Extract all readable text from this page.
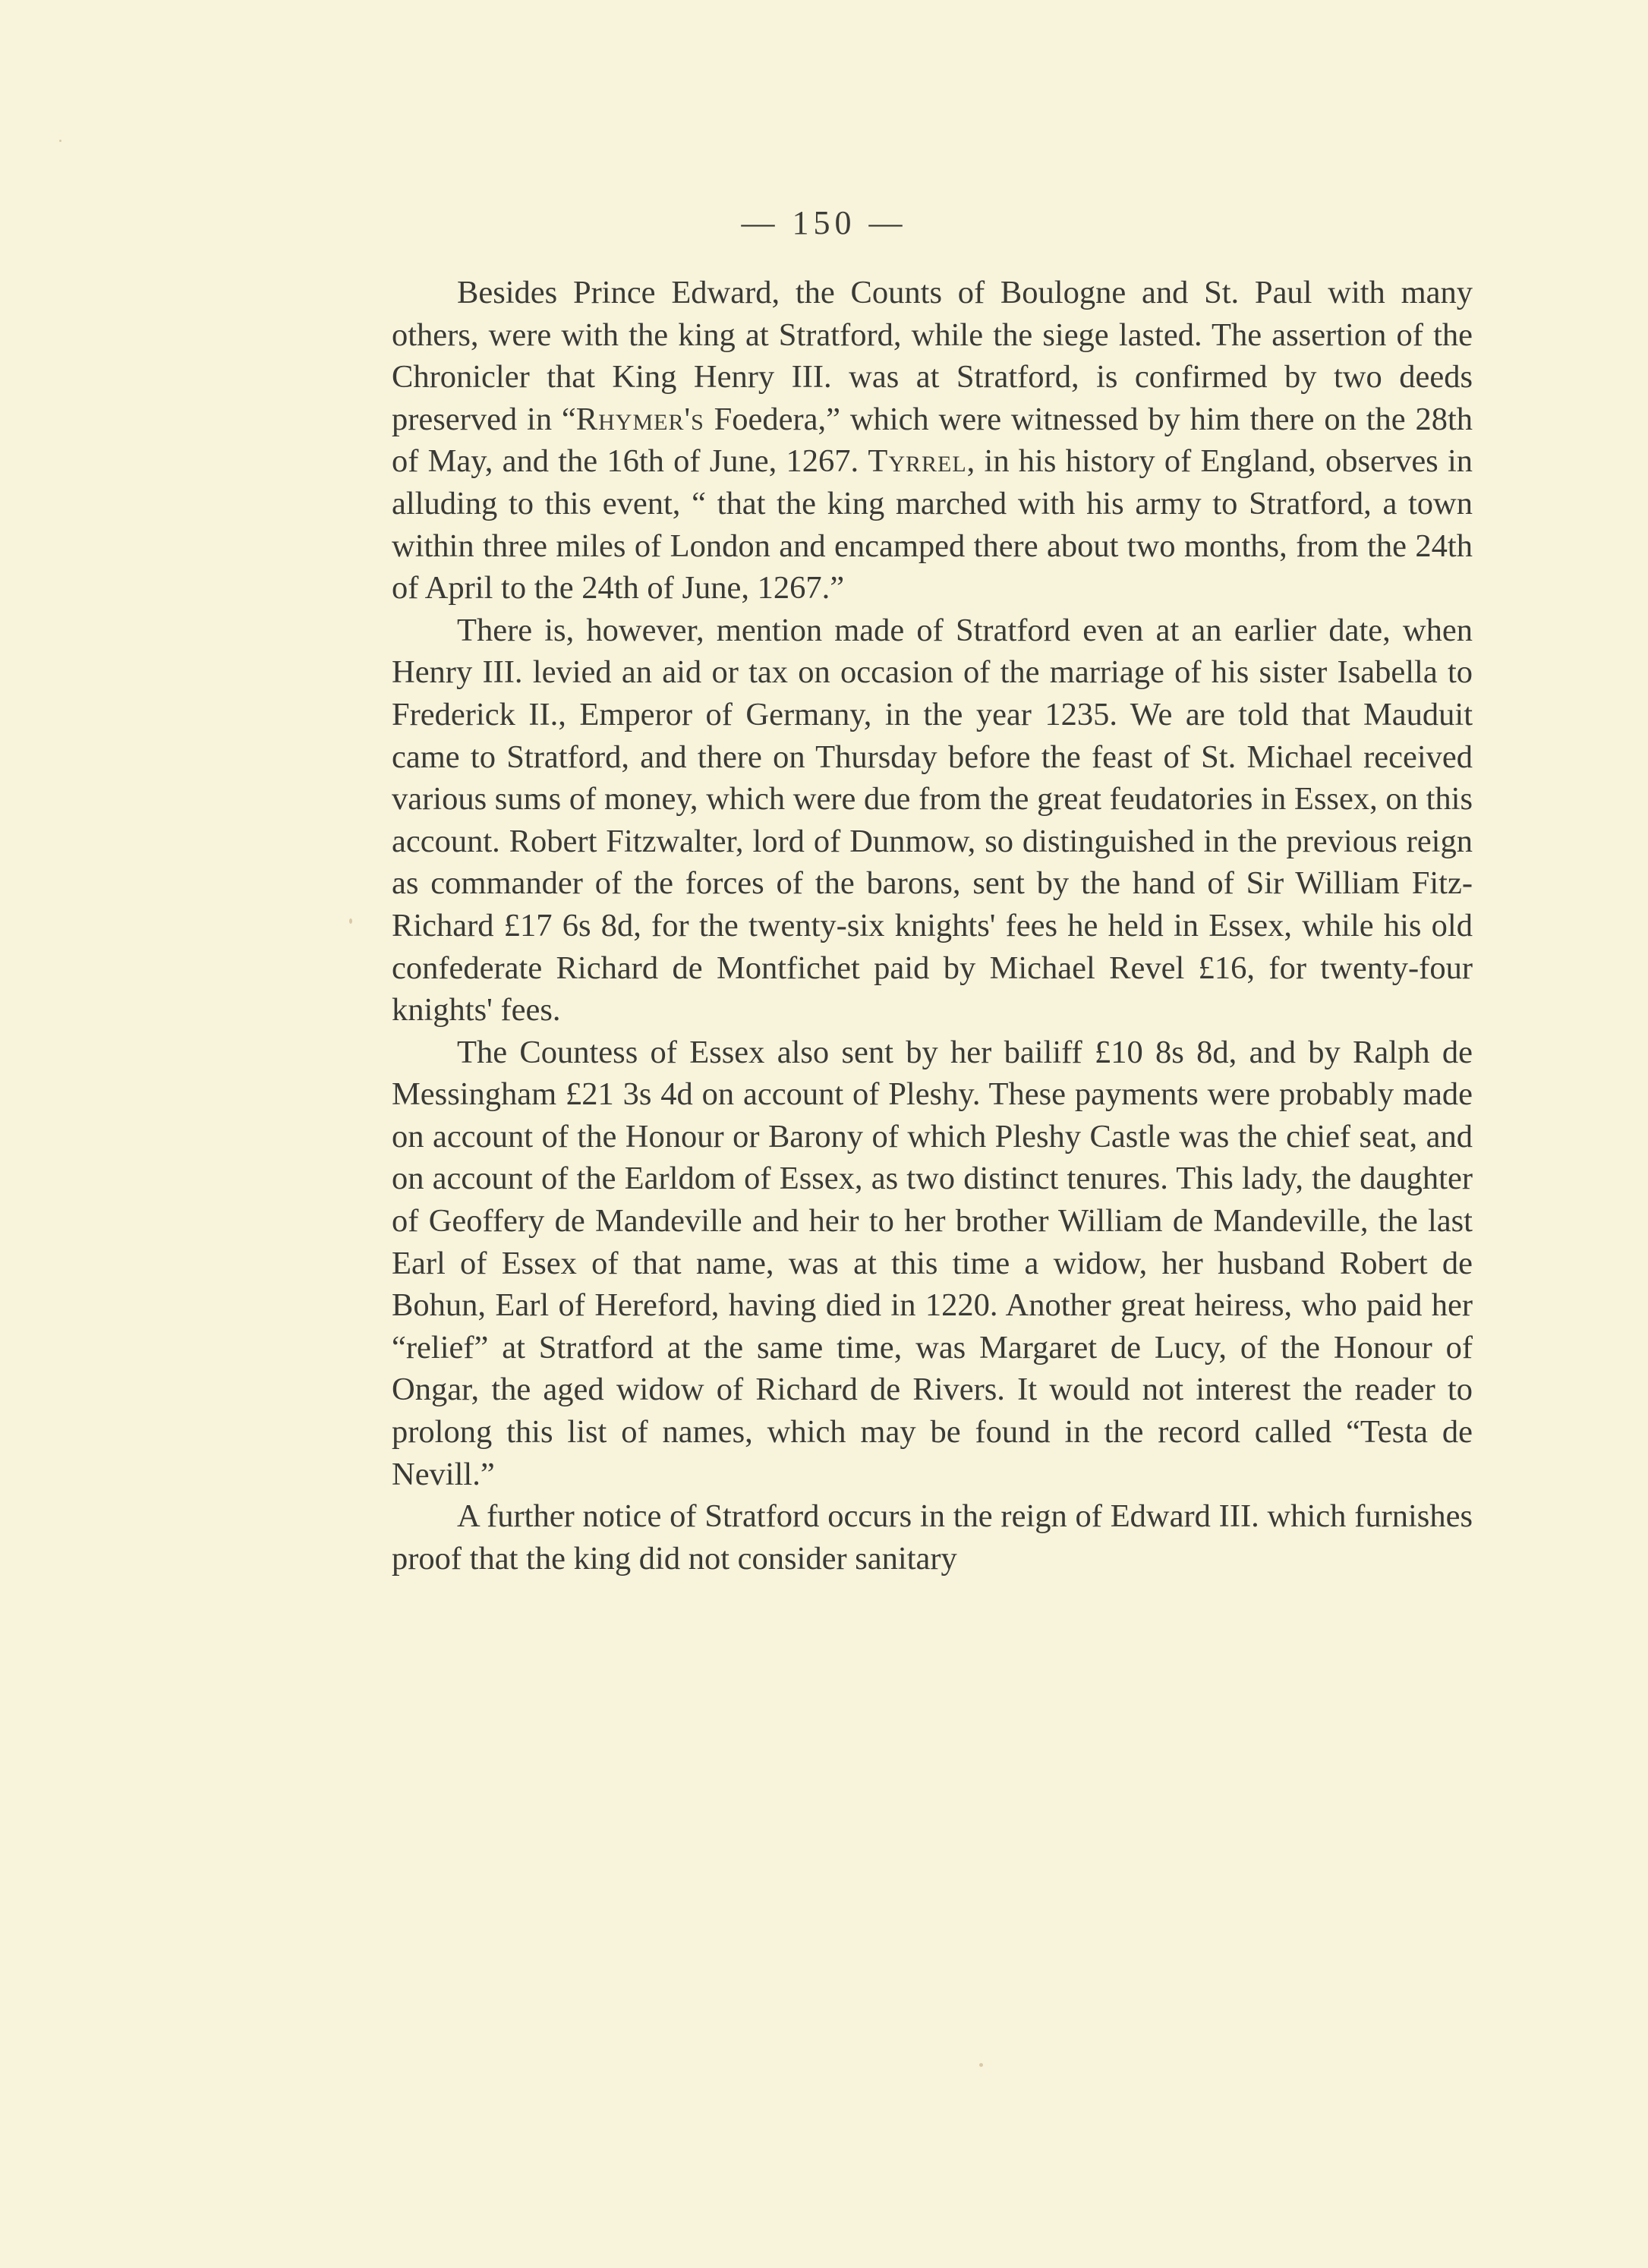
— 150 —

Besides Prince Edward, the Counts of Boulogne and St. Paul with many others, were with the king at Stratford, while the siege lasted. The assertion of the Chronicler that King Henry III. was at Stratford, is confirmed by two deeds preserved in “Rhymer's Foedera,” which were witnessed by him there on the 28th of May, and the 16th of June, 1267. Tyrrel, in his history of England, observes in alluding to this event, “ that the king marched with his army to Stratford, a town within three miles of London and encamped there about two months, from the 24th of April to the 24th of June, 1267.”

There is, however, mention made of Stratford even at an earlier date, when Henry III. levied an aid or tax on occasion of the marriage of his sister Isabella to Frederick II., Emperor of Germany, in the year 1235. We are told that Mauduit came to Stratford, and there on Thursday before the feast of St. Michael received various sums of money, which were due from the great feudatories in Essex, on this account. Robert Fitzwalter, lord of Dunmow, so distinguished in the previous reign as commander of the forces of the barons, sent by the hand of Sir William Fitz-Richard £17 6s 8d, for the twenty-six knights' fees he held in Essex, while his old confederate Richard de Montfichet paid by Michael Revel £16, for twenty-four knights' fees.

The Countess of Essex also sent by her bailiff £10 8s 8d, and by Ralph de Messingham £21 3s 4d on account of Pleshy. These payments were probably made on account of the Honour or Barony of which Pleshy Castle was the chief seat, and on account of the Earldom of Essex, as two distinct tenures. This lady, the daughter of Geoffery de Mandeville and heir to her brother William de Mandeville, the last Earl of Essex of that name, was at this time a widow, her husband Robert de Bohun, Earl of Hereford, having died in 1220. Another great heiress, who paid her “relief” at Stratford at the same time, was Margaret de Lucy, of the Honour of Ongar, the aged widow of Richard de Rivers. It would not interest the reader to prolong this list of names, which may be found in the record called “Testa de Nevill.”

A further notice of Stratford occurs in the reign of Edward III. which furnishes proof that the king did not consider sanitary
